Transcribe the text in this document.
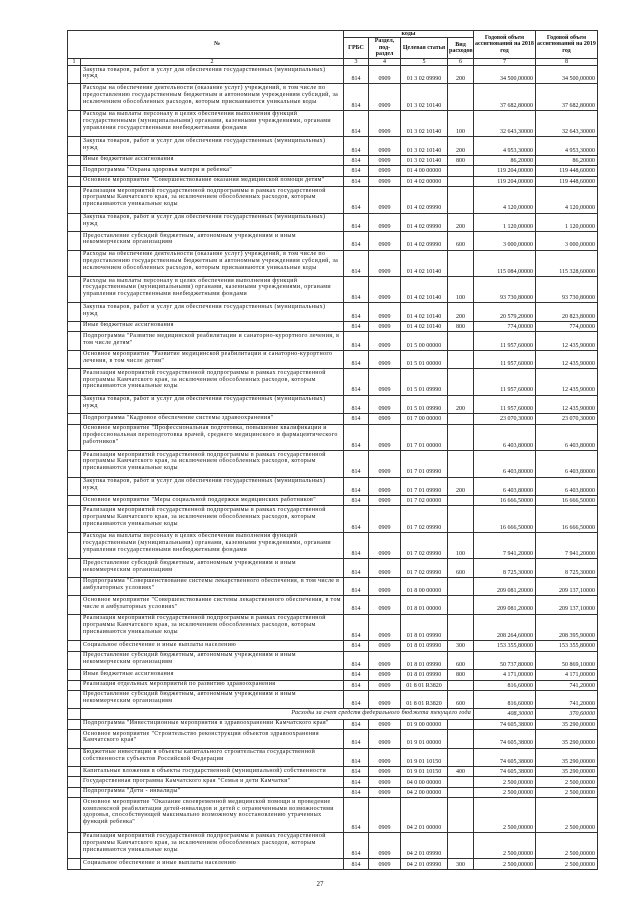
№		коды				Годовой объем ассигнований на 2018 год	Годовой объем ассигнований на 2019 год
		ГРБС	Раздел, под-раздел	Целевая статья	Вид расходов		
1	2	3	4	5	6	7	8
	Закупка товаров, работ и услуг для обеспечения государственных (муниципальных) нужд	814	0909	01 3 02 09990	200	34 500,00000	34 500,00000
	Расходы на обеспечение деятельности (оказание услуг) учреждений, в том числе по предоставлению государственным бюджетным и автономным учреждениям субсидий, за исключением обособленных расходов, которым присваиваются уникальные коды	814	0909	01 3 02 10140		37 682,80000	37 682,80000
	Расходы на выплаты персоналу в целях обеспечения выполнения функций государственными (муниципальными) органами, казенными учреждениями, органами управления государственными внебюджетными фондами	814	0909	01 3 02 10140	100	32 643,30000	32 643,30000
	Закупка товаров, работ и услуг для обеспечения государственных (муниципальных) нужд	814	0909	01 3 02 10140	200	4 953,30000	4 953,30000
	Иные бюджетные ассигнования	814	0909	01 3 02 10140	800	86,20000	86,20000
	Подпрограмма "Охрана здоровья матери и ребенка"	814	0909	01 4 00 00000		119 204,00000	119 448,60000
	Основное мероприятие "Совершенствование оказания медицинской помощи детям"	814	0909	01 4 02 00000		119 204,00000	119 448,60000
	Реализация мероприятий государственной подпрограммы в рамках государственной программы Камчатского края, за исключением обособленных расходов, которым присваиваются уникальные коды	814	0909	01 4 02 09990		4 120,00000	4 120,00000
	Закупка товаров, работ и услуг для обеспечения государственных (муниципальных) нужд	814	0909	01 4 02 09990	200	1 120,00000	1 120,00000
	Предоставление субсидий бюджетным, автономным учреждениям и иным некоммерческим организациям	814	0909	01 4 02 09990	600	3 000,00000	3 000,00000
	Расходы на обеспечение деятельности (оказание услуг) учреждений, в том числе по предоставлению государственным бюджетным и автономным учреждениям субсидий, за исключением обособленных расходов, которым присваиваются уникальные коды	814	0909	01 4 02 10140		115 084,00000	115 328,60000
	Расходы на выплаты персоналу в целях обеспечения выполнения функций государственными (муниципальными) органами, казенными учреждениями, органами управления государственными внебюджетными фондами	814	0909	01 4 02 10140	100	93 730,80000	93 730,80000
	Закупка товаров, работ и услуг для обеспечения государственных (муниципальных) нужд	814	0909	01 4 02 10140	200	20 579,20000	20 823,80000
	Иные бюджетные ассигнования	814	0909	01 4 02 10140	800	774,00000	774,00000
	Подпрограмма "Развитие медицинской реабилитации и санаторно-курортного лечения, в том числе детям"	814	0909	01 5 00 00000		11 957,60000	12 435,90000
	Основное мероприятие "Развитие медицинской реабилитации и санаторно-курортного лечения, в том числе детям"	814	0909	01 5 01 00000		11 957,60000	12 435,90000
	Реализация мероприятий государственной подпрограммы в рамках государственной программы Камчатского края, за исключением обособленных расходов, которым присваиваются уникальные коды	814	0909	01 5 01 09990		11 957,60000	12 435,90000
	Закупка товаров, работ и услуг для обеспечения государственных (муниципальных) нужд	814	0909	01 5 01 09990	200	11 957,60000	12 435,90000
	Подпрограмма "Кадровое обеспечение системы здравоохранения"	814	0909	01 7 00 00000		23 070,30000	23 070,30000
	Основное мероприятие "Профессиональная подготовка, повышение квалификации и профессиональная переподготовка врачей, среднего медицинского и фармацевтического работников"	814	0909	01 7 01 00000		6 403,80000	6 403,80000
	Реализация мероприятий государственной подпрограммы в рамках государственной программы Камчатского края, за исключением обособленных расходов, которым присваиваются уникальные коды	814	0909	01 7 01 09990		6 403,80000	6 403,80000
	Закупка товаров, работ и услуг для обеспечения государственных (муниципальных) нужд	814	0909	01 7 01 09990	200	6 403,80000	6 403,80000
	Основное мероприятие "Меры социальной поддержки медицинских работников"	814	0909	01 7 02 00000		16 666,50000	16 666,50000
	Реализация мероприятий государственной подпрограммы в рамках государственной программы Камчатского края, за исключением обособленных расходов, которым присваиваются уникальные коды	814	0909	01 7 02 09990		16 666,50000	16 666,50000
	Расходы на выплаты персоналу в целях обеспечения выполнения функций государственными (муниципальными) органами, казенными учреждениями, органами управления государственными внебюджетными фондами	814	0909	01 7 02 09990	100	7 941,20000	7 941,20000
	Предоставление субсидий бюджетным, автономным учреждениям и иным некоммерческим организациям	814	0909	01 7 02 09990	600	8 725,30000	8 725,30000
	Подпрограмма "Совершенствование системы лекарственного обеспечения, в том числе в амбулаторных условиях"	814	0909	01 8 00 00000		209 081,20000	209 137,10000
	Основное мероприятие "Совершенствование системы лекарственного обеспечения, в том числе в амбулаторных условиях"	814	0909	01 8 01 00000		209 081,20000	209 137,10000
	Реализация мероприятий государственной подпрограммы в рамках государственной программы Камчатского края, за исключением обособленных расходов, которым присваиваются уникальные коды	814	0909	01 8 01 09990		208 264,60000	208 395,90000
	Социальное обеспечение и иные выплаты населению	814	0909	01 8 01 09990	300	153 355,80000	153 355,80000
	Предоставление субсидий бюджетным, автономным учреждениям и иным некоммерческим организациям	814	0909	01 8 01 09990	600	50 737,80000	50 869,10000
	Иные бюджетные ассигнования	814	0909	01 8 01 09990	800	4 171,00000	4 171,00000
	Реализация отдельных мероприятий по развитию здравоохранения	814	0909	01 8 01 R3820		816,60000	741,20000
	Предоставление субсидий бюджетным, автономным учреждениям и иным некоммерческим организациям	814	0909	01 8 01 R3820	600	816,60000	741,20000
	Расходы за счет средств федерального бюджета текущего года					408,30000	370,60000
	Подпрограмма "Инвестиционные мероприятия в здравоохранении Камчатского края"	814	0909	01 9 00 00000		74 605,38000	35 290,00000
	Основное мероприятие "Строительство реконструкция объектов здравоохранения Камчатского края"	814	0909	01 9 01 00000		74 605,38000	35 290,00000
	Бюджетные инвестиции в объекты капитального строительства государственной собственности субъектов Российской Федерации	814	0909	01 9 01 10150		74 605,38000	35 290,00000
	Капитальные вложения в объекты государственной (муниципальной) собственности	814	0909	01 9 01 10150	400	74 605,38000	35 290,00000
	Государственная программа Камчатского края "Семья и дети Камчатки"	814	0909	04 0 00 00000		2 500,00000	2 500,00000
	Подпрограмма "Дети - инвалиды"	814	0909	04 2 00 00000		2 500,00000	2 500,00000
	Основное мероприятие "Оказание своевременной медицинской помощи и проведение комплексной реабилитации детей-инвалидов и детей с ограниченными возможностями здоровья, способствующей максимально возможному восстановлению утраченных функций ребенка"	814	0909	04 2 01 00000		2 500,00000	2 500,00000
	Реализация мероприятий государственной подпрограммы в рамках государственной программы Камчатского края, за исключением обособленных расходов, которым присваиваются уникальные коды	814	0909	04 2 01 09990		2 500,00000	2 500,00000
	Социальное обеспечение и иные выплаты населению	814	0909	04 2 01 09990	300	2 500,00000	2 500,00000
27
